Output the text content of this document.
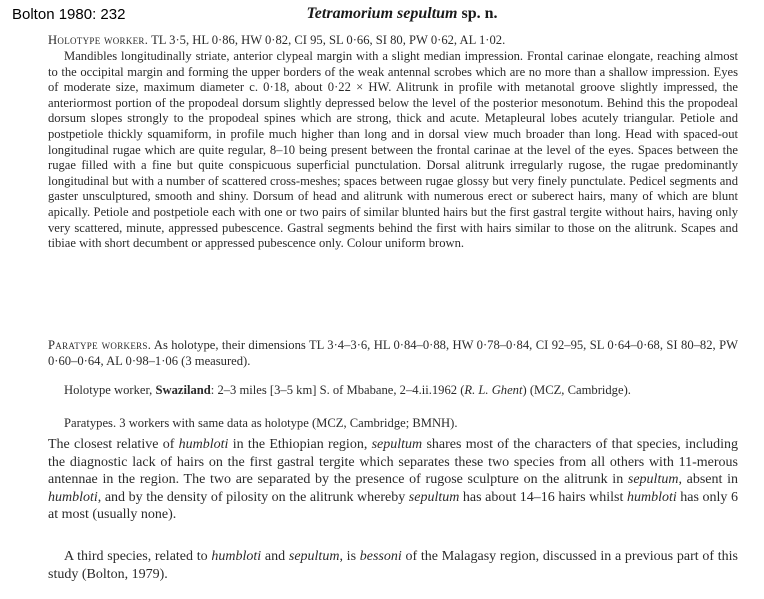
Bolton 1980: 232	Tetramorium sepultum sp. n.
Holotype worker. TL 3·5, HL 0·86, HW 0·82, CI 95, SL 0·66, SI 80, PW 0·62, AL 1·02.
Mandibles longitudinally striate, anterior clypeal margin with a slight median impression. Frontal carinae elongate, reaching almost to the occipital margin and forming the upper borders of the weak antennal scrobes which are no more than a shallow impression. Eyes of moderate size, maximum diameter c. 0·18, about 0·22 × HW. Alitrunk in profile with metanotal groove slightly impressed, the anteriormost portion of the propodeal dorsum slightly depressed below the level of the posterior mesonotum. Behind this the propodeal dorsum slopes strongly to the propodeal spines which are strong, thick and acute. Metapleural lobes acutely triangular. Petiole and postpetiole thickly squamiform, in profile much higher than long and in dorsal view much broader than long. Head with spaced-out longitudinal rugae which are quite regular, 8–10 being present between the frontal carinae at the level of the eyes. Spaces between the rugae filled with a fine but quite conspicuous superficial punctulation. Dorsal alitrunk irregularly rugose, the rugae predominantly longitudinal but with a number of scattered cross-meshes; spaces between rugae glossy but very finely punctulate. Pedicel segments and gaster unsculptured, smooth and shiny. Dorsum of head and alitrunk with numerous erect or suberect hairs, many of which are blunt apically. Petiole and postpetiole each with one or two pairs of similar blunted hairs but the first gastral tergite without hairs, having only very scattered, minute, appressed pubescence. Gastral segments behind the first with hairs similar to those on the alitrunk. Scapes and tibiae with short decumbent or appressed pubescence only. Colour uniform brown.
Paratype workers. As holotype, their dimensions TL 3·4–3·6, HL 0·84–0·88, HW 0·78–0·84, CI 92–95, SL 0·64–0·68, SI 80–82, PW 0·60–0·64, AL 0·98–1·06 (3 measured).
Holotype worker, Swaziland: 2–3 miles [3–5 km] S. of Mbabane, 2–4.ii.1962 (R. L. Ghent) (MCZ, Cambridge).
Paratypes. 3 workers with same data as holotype (MCZ, Cambridge; BMNH).
The closest relative of humbloti in the Ethiopian region, sepultum shares most of the characters of that species, including the diagnostic lack of hairs on the first gastral tergite which separates these two species from all others with 11-merous antennae in the region. The two are separated by the presence of rugose sculpture on the alitrunk in sepultum, absent in humbloti, and by the density of pilosity on the alitrunk whereby sepultum has about 14–16 hairs whilst humbloti has only 6 at most (usually none).
A third species, related to humbloti and sepultum, is bessoni of the Malagasy region, discussed in a previous part of this study (Bolton, 1979).
